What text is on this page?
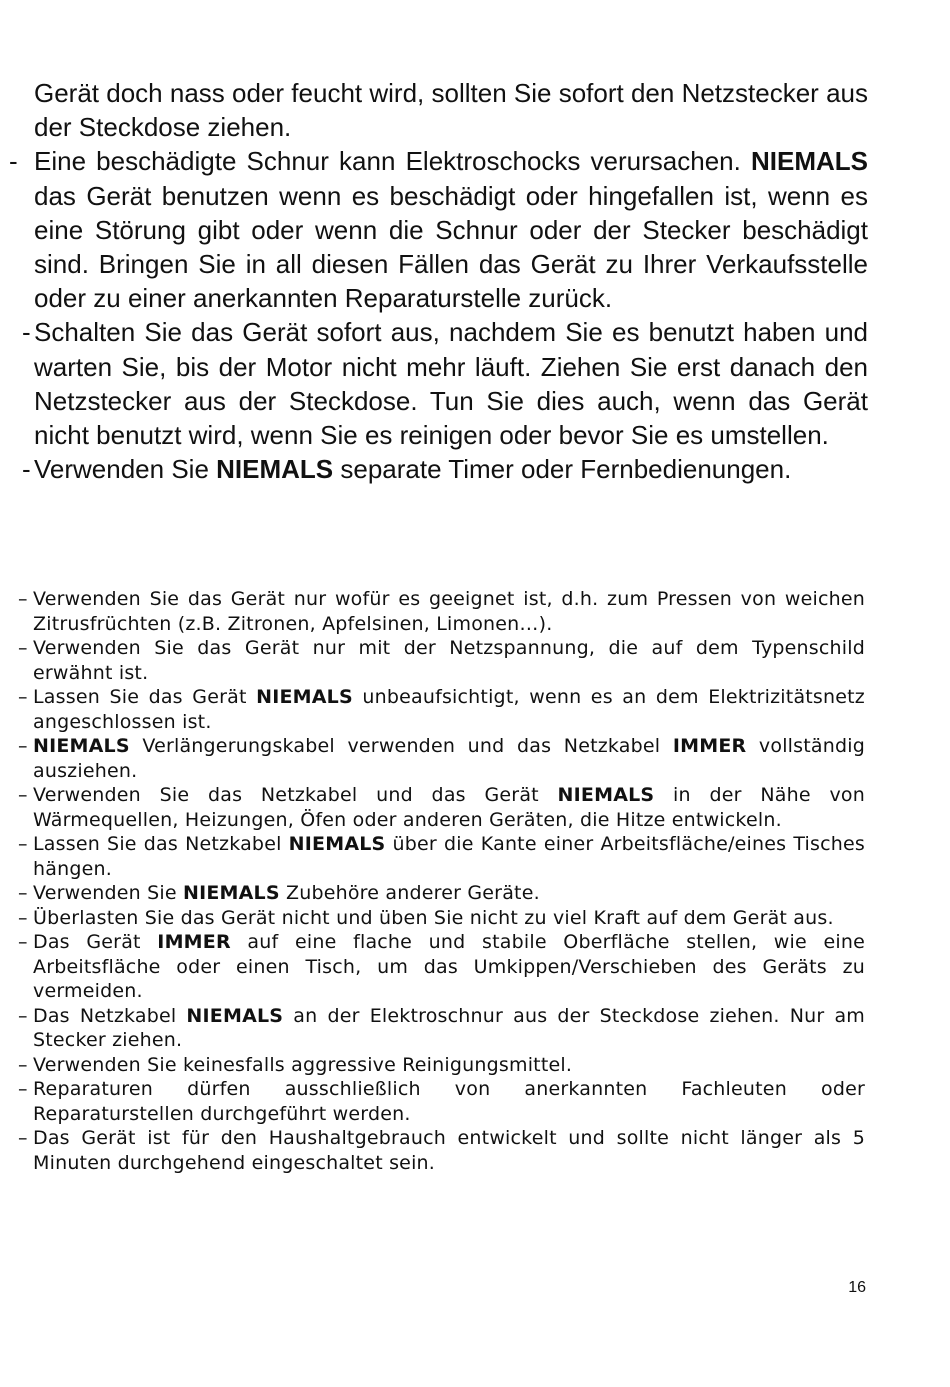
Gerät doch nass oder feucht wird, sollten Sie sofort den Netzstecker aus der Steckdose ziehen.
- Eine beschädigte Schnur kann Elektroschocks verursachen. NIEMALS das Gerät benutzen wenn es beschädigt oder hingefallen ist, wenn es eine Störung gibt oder wenn die Schnur oder der Stecker beschädigt sind. Bringen Sie in all diesen Fällen das Gerät zu Ihrer Verkaufsstelle oder zu einer anerkannten Reparaturstelle zurück.
- Schalten Sie das Gerät sofort aus, nachdem Sie es benutzt haben und warten Sie, bis der Motor nicht mehr läuft. Ziehen Sie erst danach den Netzstecker aus der Steckdose. Tun Sie dies auch, wenn das Gerät nicht benutzt wird, wenn Sie es reinigen oder bevor Sie es umstellen.
- Verwenden Sie NIEMALS separate Timer oder Fernbedienungen.
– Verwenden Sie das Gerät nur wofür es geeignet ist, d.h. zum Pressen von weichen Zitrusfrüchten (z.B. Zitronen, Apfelsinen, Limonen…).
– Verwenden Sie das Gerät nur mit der Netzspannung, die auf dem Typenschild erwähnt ist.
– Lassen Sie das Gerät NIEMALS unbeaufsichtigt, wenn es an dem Elektrizitätsnetz angeschlossen ist.
– NIEMALS Verlängerungskabel verwenden und das Netzkabel IMMER vollständig ausziehen.
– Verwenden Sie das Netzkabel und das Gerät NIEMALS in der Nähe von Wärmequellen, Heizungen, Öfen oder anderen Geräten, die Hitze entwickeln.
– Lassen Sie das Netzkabel NIEMALS über die Kante einer Arbeitsfläche/eines Tisches hängen.
– Verwenden Sie NIEMALS Zubehöre anderer Geräte.
– Überlasten Sie das Gerät nicht und üben Sie nicht zu viel Kraft auf dem Gerät aus.
– Das Gerät IMMER auf eine flache und stabile Oberfläche stellen, wie eine Arbeitsfläche oder einen Tisch, um das Umkippen/Verschieben des Geräts zu vermeiden.
– Das Netzkabel NIEMALS an der Elektroschnur aus der Steckdose ziehen. Nur am Stecker ziehen.
– Verwenden Sie keinesfalls aggressive Reinigungsmittel.
– Reparaturen dürfen ausschließlich von anerkannten Fachleuten oder Reparaturstellen durchgeführt werden.
– Das Gerät ist für den Haushaltgebrauch entwickelt und sollte nicht länger als 5 Minuten durchgehend eingeschaltet sein.
16
